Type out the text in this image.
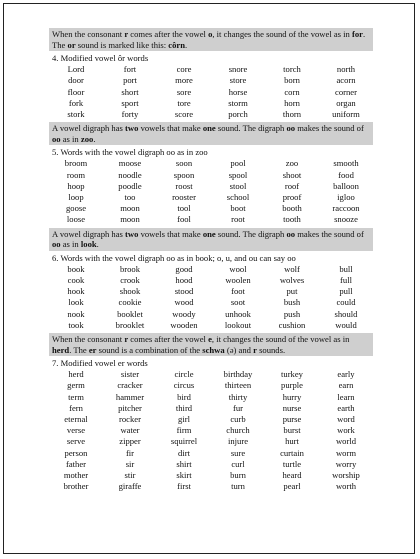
When the consonant r comes after the vowel o, it changes the sound of the vowel as in for. The or sound is marked like this: côrn.
4. Modified vowel ôr words
Lord	fort	core	snore	torch	north
door	port	more	store	born	acorn
floor	short	sore	horse	corn	corner
fork	sport	tore	storm	horn	organ
stork	forty	score	porch	thorn	uniform
A vowel digraph has two vowels that make one sound. The digraph oo makes the sound of oo as in zoo.
5. Words with the vowel digraph oo as in zoo
broom	moose	soon	pool	zoo	smooth
room	noodle	spoon	spool	shoot	food
hoop	poodle	roost	stool	roof	balloon
loop	too	rooster	school	proof	igloo
goose	moon	tool	boot	booth	raccoon
loose	moon	fool	root	tooth	snooze
A vowel digraph has two vowels that make one sound. The digraph oo makes the sound of oo as in look.
6. Words with the vowel digraph oo as in book; o, u, and ou can say oo
book	brook	good	wool	wolf	bull
cook	crook	hood	woolen	wolves	full
hook	shook	stood	foot	put	pull
look	cookie	wood	soot	bush	could
nook	booklet	woody	unhook	push	should
took	brooklet	wooden	lookout	cushion	would
When the consonant r comes after the vowel e, it changes the sound of the vowel as in herd. The er sound is a combination of the schwa (ǝ) and r sounds.
7. Modified vowel er words
herd	sister	circle	birthday	turkey	early
germ	cracker	circus	thirteen	purple	earn
term	hammer	bird	thirty	hurry	learn
fern	pitcher	third	fur	nurse	earth
eternal	rocker	girl	curb	purse	word
verse	water	firm	church	burst	work
serve	zipper	squirrel	injure	hurt	world
person	fir	dirt	sure	curtain	worm
father	sir	shirt	curl	turtle	worry
mother	stir	skirt	burn	heard	worship
brother	giraffe	first	turn	pearl	worth
